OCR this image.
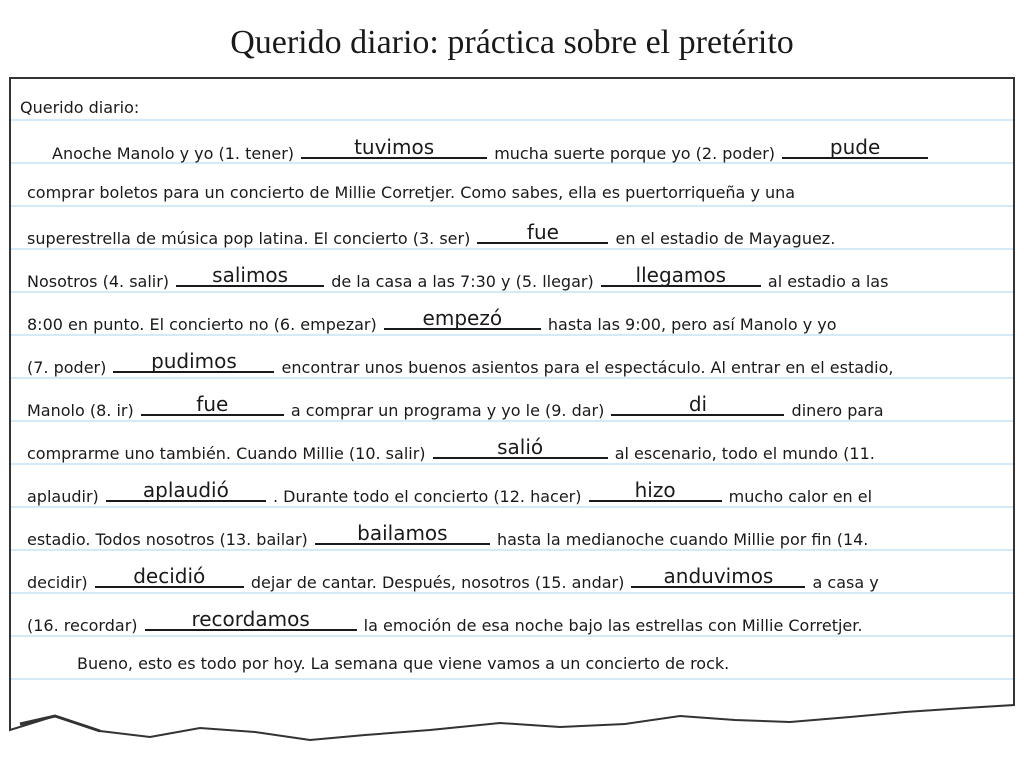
Querido diario: práctica sobre el pretérito
Querido diario:
Anoche Manolo y yo (1. tener)	tuvimos	mucha suerte porque yo (2. poder)	pude
comprar boletos para un concierto de Millie Corretjer. Como sabes, ella es puertorriqueña y una
superestrella de música pop latina. El concierto (3. ser)	fue	en el estadio de Mayaguez.
Nosotros (4. salir)	salimos	de la casa a las 7:30 y (5. llegar)	llegamos	al estadio a las
8:00 en punto. El concierto no (6. empezar)	empezó	hasta las 9:00, pero así Manolo y yo
(7. poder)	pudimos	encontrar unos buenos asientos para el espectáculo. Al entrar en el estadio,
Manolo (8. ir)	fue	a comprar un programa y yo le (9. dar)	di	dinero para
comprarme uno también. Cuando Millie (10. salir)	salió	al escenario, todo el mundo (11.
aplaudir)	aplaudió	. Durante todo el concierto (12. hacer)	hizo	mucho calor en el
estadio. Todos nosotros (13. bailar)	bailamos	hasta la medianoche cuando Millie por fin (14.
decidir)	decidió	dejar de cantar. Después, nosotros (15. andar)	anduvimos	a casa y
(16. recordar)	recordamos	la emoción de esa noche bajo las estrellas con Millie Corretjer.
Bueno, esto es todo por hoy. La semana que viene vamos a un concierto de rock.
